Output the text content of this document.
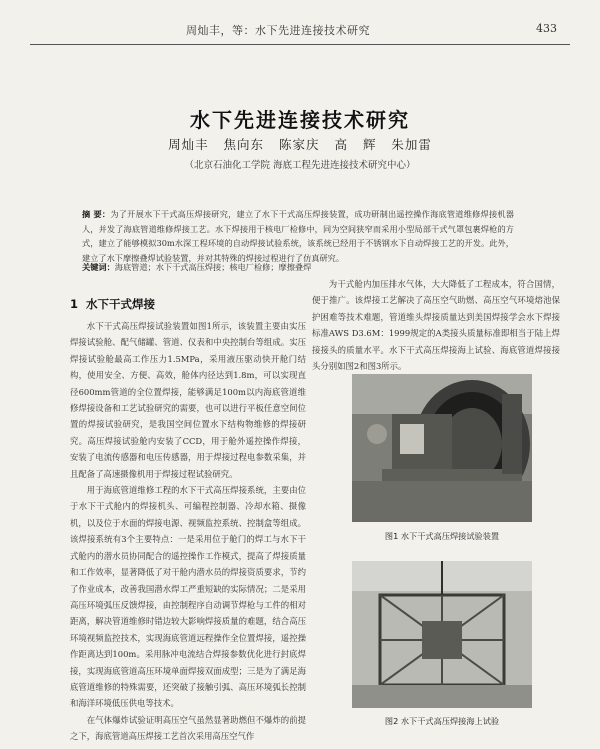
周灿丰，等：水下先进连接技术研究	433
水下先进连接技术研究
周灿丰 焦向东 陈家庆 高 辉 朱加雷
（北京石油化工学院 海底工程先进连接技术研究中心）
摘 要：为了开展水下干式高压焊接研究，建立了水下干式高压焊接装置，成功研制出遥控操作海底管道维修焊接机器人，并发了海底管道维修焊接工艺。水下焊接用于核电厂检修中，同为空间狭窄而采用小型局部干式气罩包裹焊枪的方式，建立了能够模拟30m水深工程环境的自动焊接试验系统，该系统已经用于不锈钢水下自动焊接工艺的开发。此外，建立了水下摩擦叠焊试验装置，并对其特殊的焊接过程进行了仿真研究。
关键词：海底管道；水下干式高压焊接；核电厂检修；摩擦叠焊
1 水下干式焊接

水下干式高压焊接试验装置如图1所示，该装置主要由实压焊接试验舱、配气储罐、管道、仪表和中央控制台等组成。实压焊接试验舱最高工作压力1.5MPa，采用液压驱动快开舱门结构，使用安全、方便、高效，舱体内径达到1.8m，可以实现直径600mm管道的全位置焊接，能够满足100m以内海底管道维修焊接设备和工艺试验研究的需要，也可以进行平板任意空间位置的焊接试验研究，是我国空间位置水下结构物维修的焊接研究。高压焊接试验舱内安装了CCD，用于舱外遥控操作焊接，安装了电流传感器和电压传感器，用于焊接过程电参数采集，并且配备了高速摄像机用于焊接过程试验研究。

用于海底管道维修工程的水下干式高压焊接系统，主要由位于水下干式舱内的焊接机头、可编程控制器、冷却水箱、摄像机，以及位于水面的焊接电源、视频监控系统、控制盒等组成。该焊接系统有3个主要特点：一是采用位于舱门的焊工与水下干式舱内的潜水员协同配合的遥控操作工作模式，提高了焊接质量和工作效率，显著降低了对干舱内潜水员的焊接资质要求，节约了作业成本，改善我国潜水焊工严重短缺的实际情况；二是采用高压环境弧压反馈焊接，由控制程序自动调节焊枪与工件的相对距离，解决管道维修时错边较大影响焊接质量的难题，结合高压环境视频监控技术，实现海底管道远程操作全位置焊接，遥控操作距离达到100m。采用脉冲电流结合焊接参数优化进行封底焊接，实现海底管道高压环境单面焊接双面成型；三是为了满足海底管道维修的特殊需要，还突破了接触引弧、高压环境弧长控制和海洋环境低压供电等技术。

在气体爆炸试验证明高压空气虽然显著助燃但不爆炸的前提之下，海底管道高压焊接工艺首次采用高压空气作

为干式舱内加压排水气体，大大降低了工程成本，符合国情，便于推广。该焊接工艺解决了高压空气助燃、高压空气环境熔池保护困难等技术难题，管道维头焊接质量达到美国焊接学会水下焊接标准AWS D3.6M：1999规定的A类接头质量标准即相当于陆上焊接接头的质量水平。水下干式高压焊接海上试验、海底管道焊接接头分别如图2和图3所示。

图1 水下干式高压焊接试验装置
图2 水下干式高压焊接海上试验
